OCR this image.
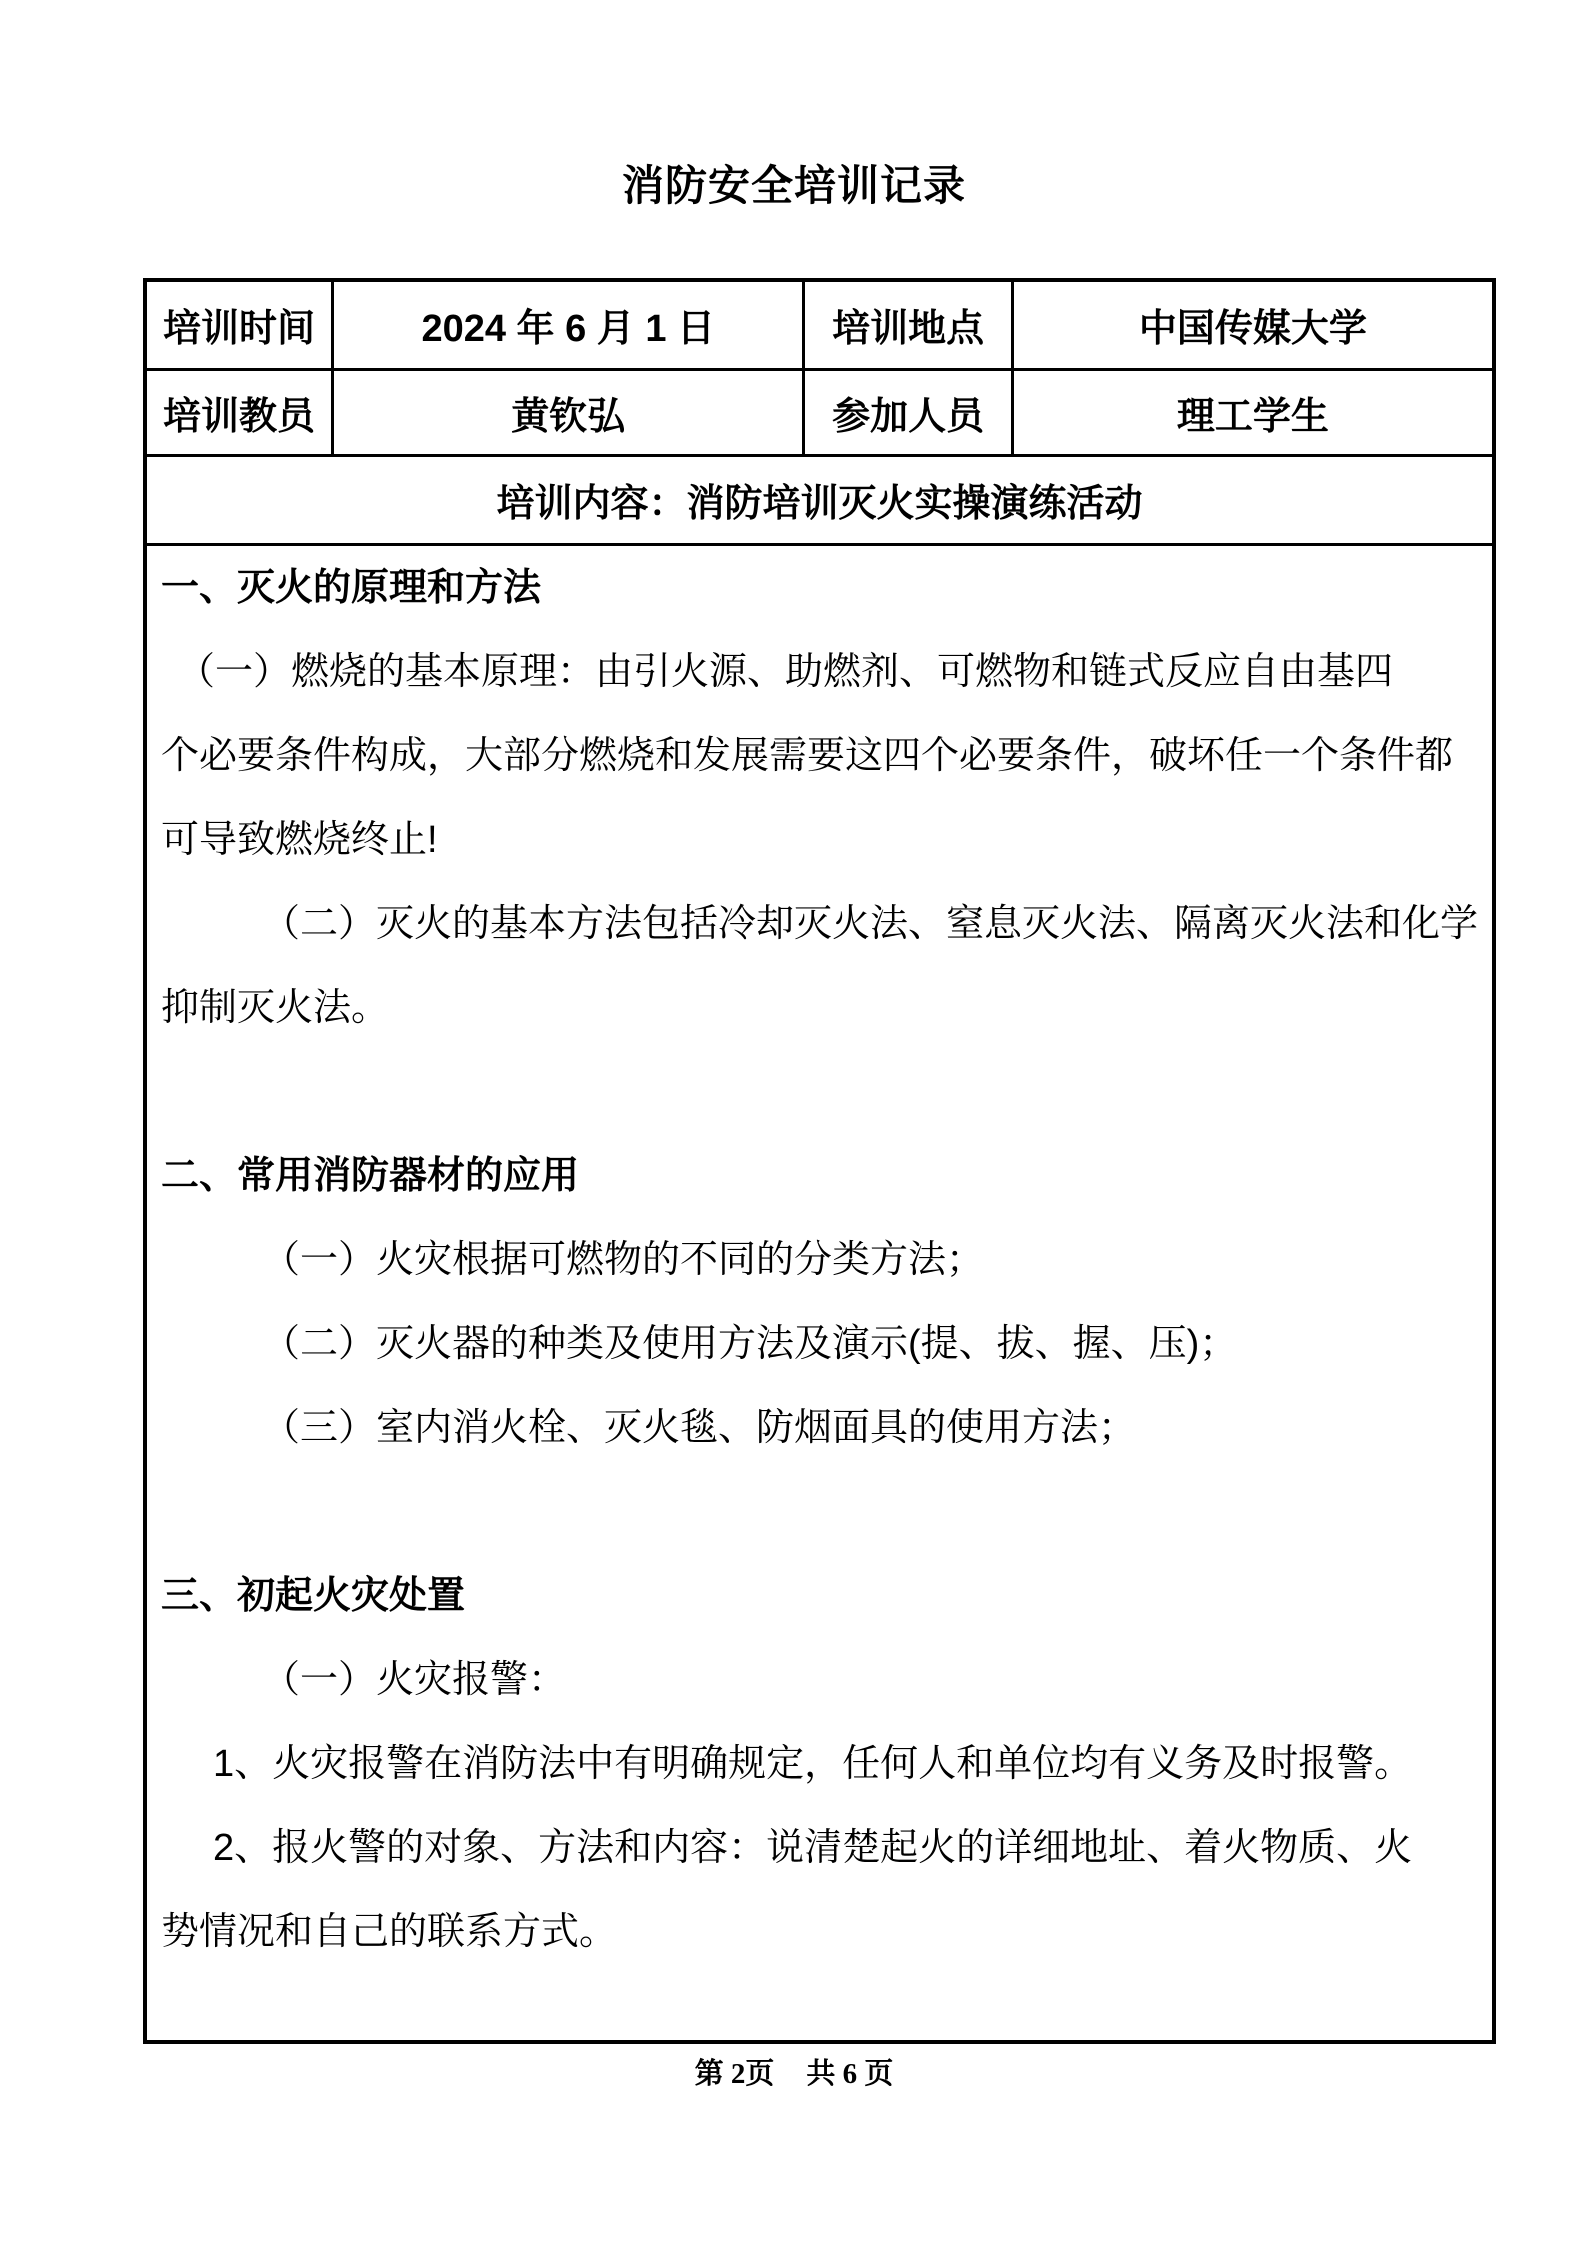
消防安全培训记录
培训时间	2024 年 6 月 1 日	培训地点	中国传媒大学
培训教员	黄钦弘	参加人员	理工学生
培训内容：消防培训灭火实操演练活动			

一、灭火的原理和方法
（一）燃烧的基本原理：由引火源、助燃剂、可燃物和链式反应自由基四
个必要条件构成，大部分燃烧和发展需要这四个必要条件，破坏任一个条件都
可导致燃烧终止!
（二）灭火的基本方法包括冷却灭火法、窒息灭火法、隔离灭火法和化学
抑制灭火法。

二、常用消防器材的应用
（一）火灾根据可燃物的不同的分类方法；
（二）灭火器的种类及使用方法及演示(提、拔、握、压)；
（三）室内消火栓、灭火毯、防烟面具的使用方法；

三、初起火灾处置
（一）火灾报警：
1、火灾报警在消防法中有明确规定，任何人和单位均有义务及时报警。
2、报火警的对象、方法和内容：说清楚起火的详细地址、着火物质、火
势情况和自己的联系方式。
第 2页 共 6 页
